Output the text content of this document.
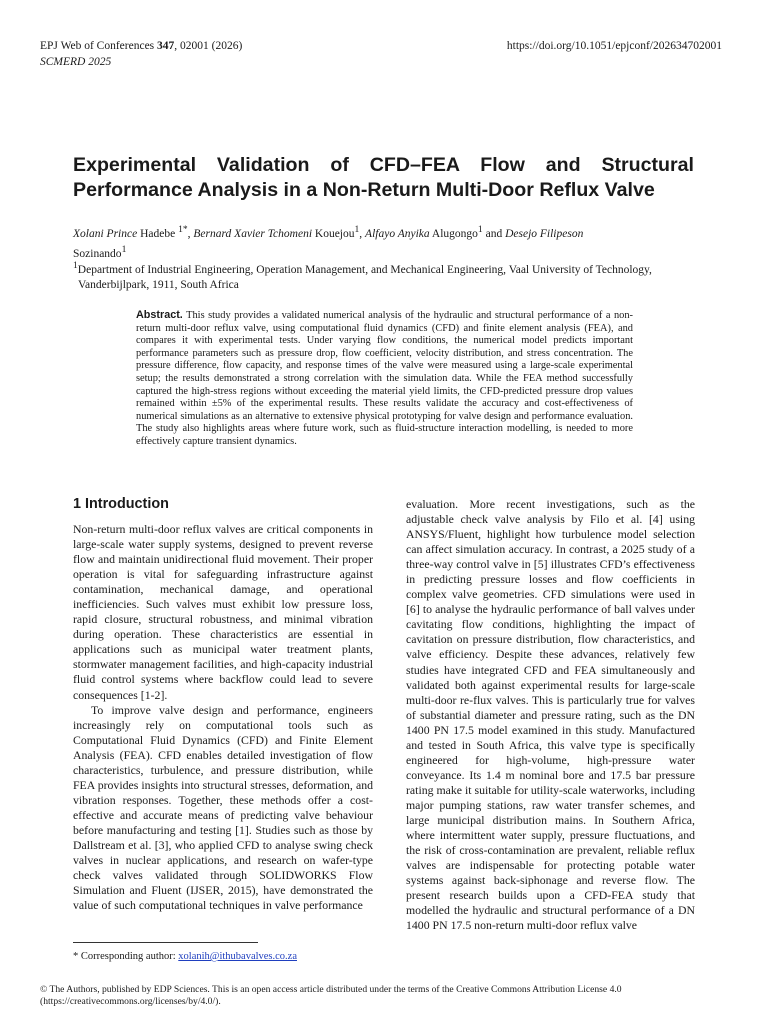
EPJ Web of Conferences 347, 02001 (2026)
SCMERD 2025
https://doi.org/10.1051/epjconf/202634702001
Experimental Validation of CFD–FEA Flow and Structural Performance Analysis in a Non-Return Multi-Door Reflux Valve
Xolani Prince Hadebe $^{1*}$, Bernard Xavier Tchomeni Kouejou$^1$, Alfayo Anyika Alugongo$^1$ and Desejo Filipeson
Sozinando$^1$
$^1$Department of Industrial Engineering, Operation Management, and Mechanical Engineering, Vaal University of Technology,
Vanderbijlpark, 1911, South Africa
Abstract. This study provides a validated numerical analysis of the hydraulic and structural performance of a non-return multi-door reflux valve, using computational fluid dynamics (CFD) and finite element analysis (FEA), and compares it with experimental tests. Under varying flow conditions, the numerical model predicts important performance parameters such as pressure drop, flow coefficient, velocity distribution, and stress concentration. The pressure difference, flow capacity, and response times of the valve were measured using a large-scale experimental setup; the results demonstrated a strong correlation with the simulation data. While the FEA method successfully captured the high-stress regions without exceeding the material yield limits, the CFD-predicted pressure drop values remained within ±5% of the experimental results. These results validate the accuracy and cost-effectiveness of numerical simulations as an alternative to extensive physical prototyping for valve design and performance evaluation. The study also highlights areas where future work, such as fluid-structure interaction modelling, is needed to more effectively capture transient dynamics.
1 Introduction

Non-return multi-door reflux valves are critical components in large-scale water supply systems, designed to prevent reverse flow and maintain unidirectional fluid movement. Their proper operation is vital for safeguarding infrastructure against contamination, mechanical damage, and operational inefficiencies. Such valves must exhibit low pressure loss, rapid closure, structural robustness, and minimal vibration during operation. These characteristics are essential in applications such as municipal water treatment plants, stormwater management facilities, and high-capacity industrial fluid control systems where backflow could lead to severe consequences [1-2].

To improve valve design and performance, engineers increasingly rely on computational tools such as Computational Fluid Dynamics (CFD) and Finite Element Analysis (FEA). CFD enables detailed investigation of flow characteristics, turbulence, and pressure distribution, while FEA provides insights into structural stresses, deformation, and vibration responses. Together, these methods offer a cost-effective and accurate means of predicting valve behaviour before manufacturing and testing [1]. Studies such as those by Dallstream et al. [3], who applied CFD to analyse swing check valves in nuclear applications, and research on wafer-type check valves validated through SOLIDWORKS Flow Simulation and Fluent (IJSER, 2015), have demonstrated the value of such computational techniques in valve performance

evaluation. More recent investigations, such as the adjustable check valve analysis by Filo et al. [4] using ANSYS/Fluent, highlight how turbulence model selection can affect simulation accuracy. In contrast, a 2025 study of a three-way control valve in [5] illustrates CFD’s effectiveness in predicting pressure losses and flow coefficients in complex valve geometries. CFD simulations were used in [6] to analyse the hydraulic performance of ball valves under cavitating flow conditions, highlighting the impact of cavitation on pressure distribution, flow characteristics, and valve efficiency. Despite these advances, relatively few studies have integrated CFD and FEA simultaneously and validated both against experimental results for large-scale multi-door re-flux valves. This is particularly true for valves of substantial diameter and pressure rating, such as the DN 1400 PN 17.5 model examined in this study. Manufactured and tested in South Africa, this valve type is specifically engineered for high-volume, high-pressure water conveyance. Its 1.4 m nominal bore and 17.5 bar pressure rating make it suitable for utility-scale waterworks, including major pumping stations, raw water transfer schemes, and large municipal distribution mains. In Southern Africa, where intermittent water supply, pressure fluctuations, and the risk of cross-contamination are prevalent, reliable reflux valves are indispensable for protecting potable water systems against back-siphonage and reverse flow. The present research builds upon a CFD-FEA study that modelled the hydraulic and structural performance of a DN 1400 PN 17.5 non-return multi-door reflux valve

* Corresponding author: xolanih@ithubavalves.co.za
© The Authors, published by EDP Sciences. This is an open access article distributed under the terms of the Creative Commons Attribution License 4.0 (https://creativecommons.org/licenses/by/4.0/).
